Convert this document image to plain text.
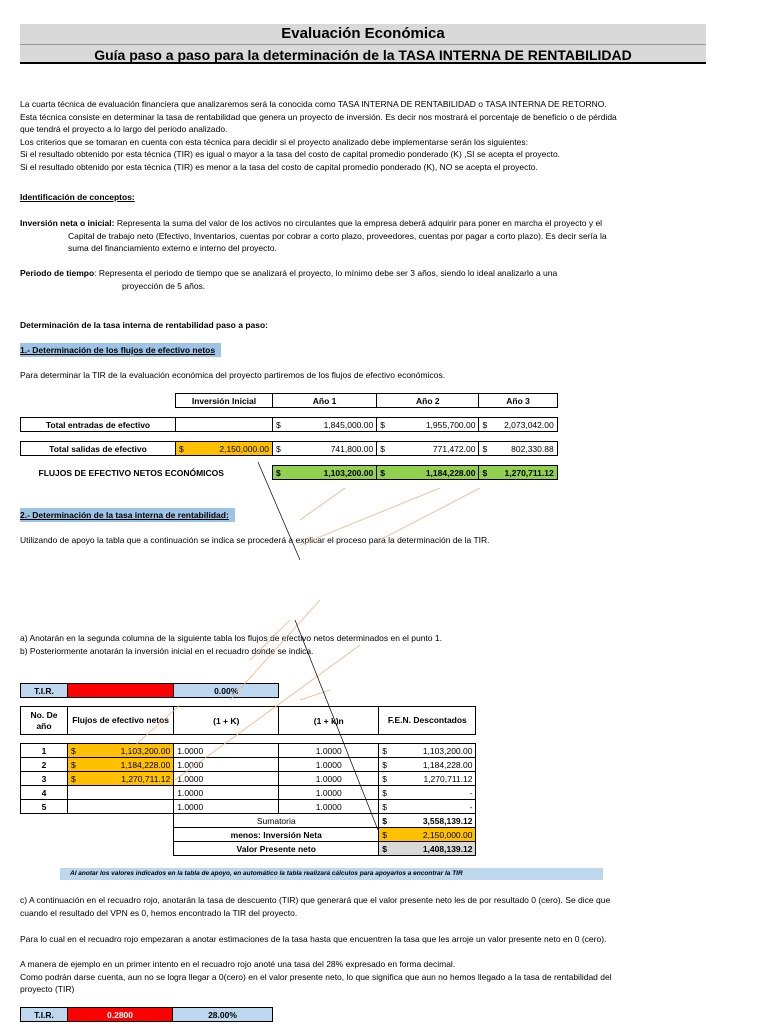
Evaluación Económica
Guía paso a paso para la determinación de la TASA INTERNA DE RENTABILIDAD
La cuarta técnica de evaluación financiera que analizaremos será la conocida como TASA INTERNA DE RENTABILIDAD o TASA INTERNA DE RETORNO.
Esta técnica consiste en determinar la tasa de rentabilidad que genera un proyecto de inversión. Es decir nos mostrará el porcentaje de beneficio o de pérdida
que tendrá el proyecto a lo largo del periodo analizado.
Los criterios que se tomaran en cuenta con esta técnica para decidir si el proyecto analizado debe implementarse serán los siguientes:
Si el resultado obtenido por esta técnica (TIR) es igual o mayor a la tasa del costo de capital promedio ponderado (K) ,SI se acepta el proyecto.
Si el resultado obtenido por esta técnica (TIR) es menor a la tasa del costo de capital promedio ponderado (K), NO se acepta el proyecto.
Identificación de conceptos:
Inversión neta o inicial: Representa la suma del valor de los activos no circulantes que la empresa deberá adquirir para poner en marcha el proyecto y el
Capital de trabajo neto (Efectivo, Inventarios, cuentas por cobrar a corto plazo, proveedores, cuentas por pagar a corto plazo). Es decir sería la
suma del financiamiento externo e interno del proyecto.
Periodo de tiempo: Representa el periodo de tiempo que se analizará el proyecto, lo mínimo debe ser 3 años, siendo lo ideal analizarlo a una
proyección de 5 años.
Determinación de la tasa interna de rentabilidad paso a paso:
1.- Determinación de los flujos de efectivo netos
Para determinar la TIR de la evaluación económica del proyecto partiremos de los flujos de efectivo económicos.
	Inversión Inicial	Año 1		Año 2		Año 3	

Total entradas de efectivo		$	1,845,000.00	$	1,955,700.00	$	2,073,042.00

Total salidas de efectivo	$ 2,150,000.00	$	741,800.00	$	771,472.00	$	802,330.88

FLUJOS DE EFECTIVO NETOS ECONÓMICOS		$	1,103,200.00	$	1,184,228.00	$	1,270,711.12
2.- Determinación de la tasa interna de rentabilidad:
Utilizando de apoyo la tabla que a continuación se indica se procederá a explicar el proceso para la determinación de la TIR.
a) Anotarán en la segunda columna de la siguiente tabla los flujos de efectivo netos determinados en el punto 1.
b) Posteriormente anotarán la inversión inicial en el recuadro donde se indica.
T.I.R.			0.00%			

No. De año	Flujos de efectivo netos		(1 + K)	(1 + k)n	F.E.N. Descontados	

1	$	1,103,200.00	1.0000	1.0000	$	1,103,200.00
2	$	1,184,228.00	1.0000	1.0000	$	1,184,228.00
3	$	1,270,711.12	1.0000	1.0000	$	1,270,711.12
4			1.0000	1.0000	$	-
5			1.0000	1.0000	$	-
			Sumatoria		$	3,558,139.12
			menos: Inversión Neta		$	2,150,000.00
			Valor Presente neto		$	1,408,139.12
Al anotar los valores indicados en la tabla de apoyo, en automático la tabla realizará cálculos para apoyarlos a encontrar la TIR
c) A continuación en el recuadro rojo, anotarán la tasa de descuento (TIR) que generará que el valor presente neto les de por resultado 0 (cero). Se dice que
cuando el resultado del VPN es 0, hemos encontrado la TIR del proyecto.
Para lo cual en el recuadro rojo empezaran a anotar estimaciones de la tasa hasta que encuentren la tasa que les arroje un valor presente neto en 0 (cero).
A manera de ejemplo en un primer intento en el recuadro rojo anoté una tasa del 28% expresado en forma decimal.
Como podrán darse cuenta, aun no se logra llegar a 0(cero) en el valor presente neto, lo que significa que aun no hemos llegado a la tasa de rentabilidad del
proyecto (TIR)
T.I.R.	0.2800	28.00%
